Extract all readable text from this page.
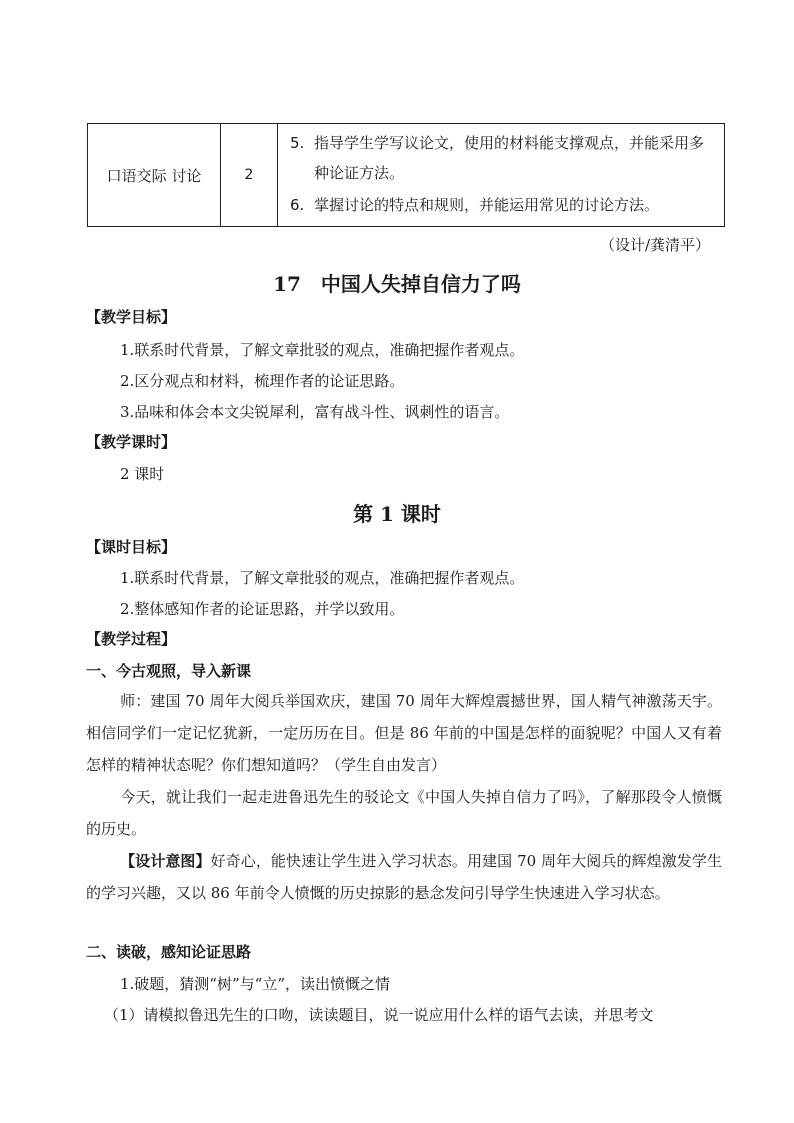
口语交际 讨论	2	
5. 指导学生学写议论文，使用的材料能支撑观点，并能采用多种论证方法。
6. 掌握讨论的特点和规则，并能运用常见的讨论方法。
（设计/龚清平）
17　中国人失掉自信力了吗
【教学目标】
1.联系时代背景，了解文章批驳的观点，准确把握作者观点。
2.区分观点和材料，梳理作者的论证思路。
3.品味和体会本文尖锐犀利，富有战斗性、讽刺性的语言。
【教学课时】
2 课时
第 1 课时
【课时目标】
1.联系时代背景，了解文章批驳的观点，准确把握作者观点。
2.整体感知作者的论证思路，并学以致用。
【教学过程】
一、今古观照，导入新课
师：建国 70 周年大阅兵举国欢庆，建国 70 周年大辉煌震撼世界，国人精气神激荡天宇。相信同学们一定记忆犹新，一定历历在目。但是 86 年前的中国是怎样的面貌呢？中国人又有着怎样的精神状态呢？你们想知道吗？（学生自由发言）
今天，就让我们一起走进鲁迅先生的驳论文《中国人失掉自信力了吗》，了解那段令人愤慨的历史。
【设计意图】好奇心，能快速让学生进入学习状态。用建国 70 周年大阅兵的辉煌激发学生的学习兴趣，又以 86 年前令人愤慨的历史掠影的悬念发问引导学生快速进入学习状态。
二、读破，感知论证思路
1.破题，猜测“树”与“立”，读出愤慨之情
（1）请模拟鲁迅先生的口吻，读读题目，说一说应用什么样的语气去读，并思考文
